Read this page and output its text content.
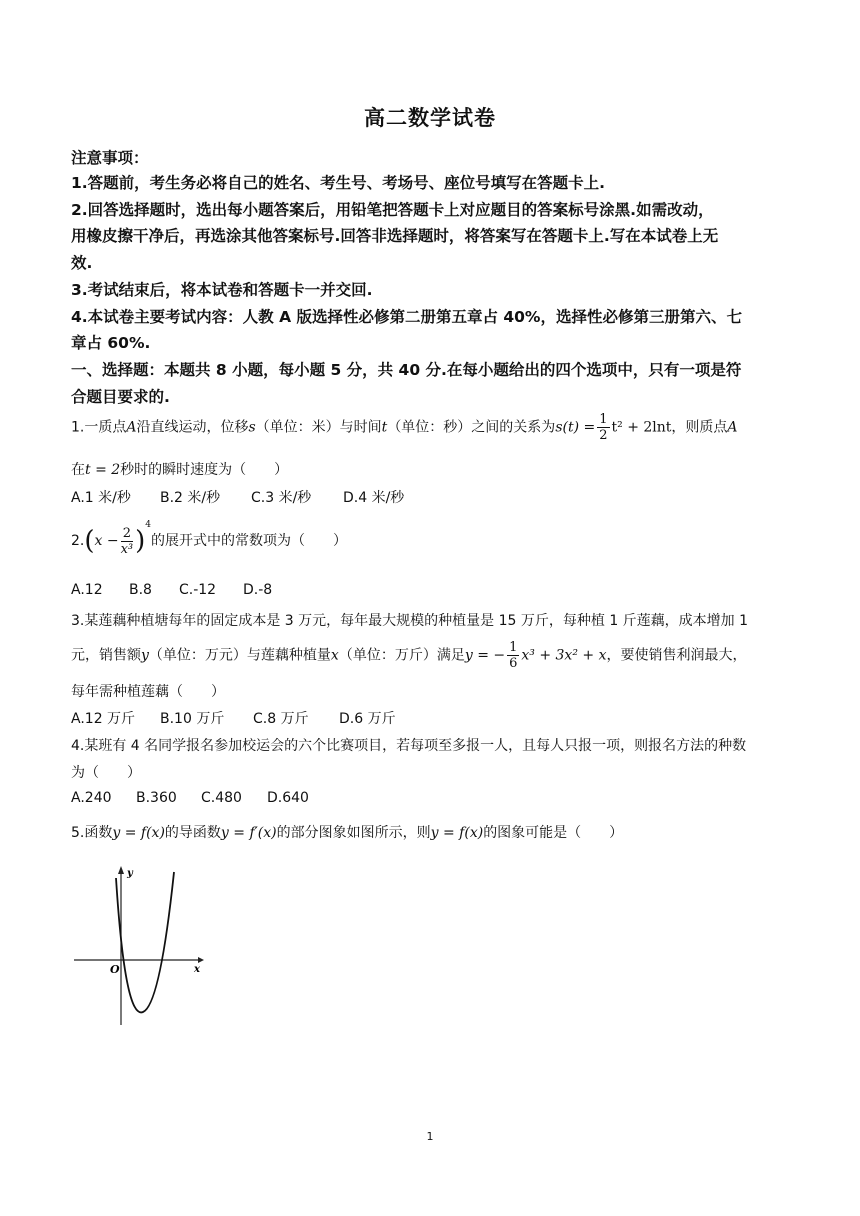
高二数学试卷
注意事项：
1.答题前，考生务必将自己的姓名、考生号、考场号、座位号填写在答题卡上.
2.回答选择题时，选出每小题答案后，用铅笔把答题卡上对应题目的答案标号涂黑.如需改动，
用橡皮擦干净后，再选涂其他答案标号.回答非选择题时，将答案写在答题卡上.写在本试卷上无
效.
3.考试结束后，将本试卷和答题卡一并交回.
4.本试卷主要考试内容：人教 A 版选择性必修第二册第五章占 40%，选择性必修第三册第六、七
章占 60%.
一、选择题：本题共 8 小题，每小题 5 分，共 40 分.在每小题给出的四个选项中，只有一项是符
合题目要求的.
1.一质点A沿直线运动，位移s（单位：米）与时间t（单位：秒）之间的关系为$s(t) = \frac{1}{2} t^2 + 2\ln t$，则质点A
在t = 2秒时的瞬时速度为（　　）
A.1 米/秒 B.2 米/秒 C.3 米/秒 D.4 米/秒
$2.(x - \frac{2}{\text{x³}} )^4$的展开式中的常数项为（　　）
A.12 B.8 C.-12 D.-8
3.某莲藕种植塘每年的固定成本是 3 万元，每年最大规模的种植量是 15 万斤，每种植 1 斤莲藕，成本增加 1
元，销售额y（单位：万元）与莲藕种植量x（单位：万斤）满足y = − $\frac{1}{6} x^3 + 3x^2 + x$，要使销售利润最大，
每年需种植莲藕（　　）
A.12 万斤 B.10 万斤 C.8 万斤 D.6 万斤
4.某班有 4 名同学报名参加校运会的六个比赛项目，若每项至多报一人，且每人只报一项，则报名方法的种数
为（　　）
A.240 B.360 C.480 D.640
5.函数y = f(x)的导函数y = f′(x)的部分图象如图所示，则y = f(x)的图象可能是（　　）
y
x
O
1
